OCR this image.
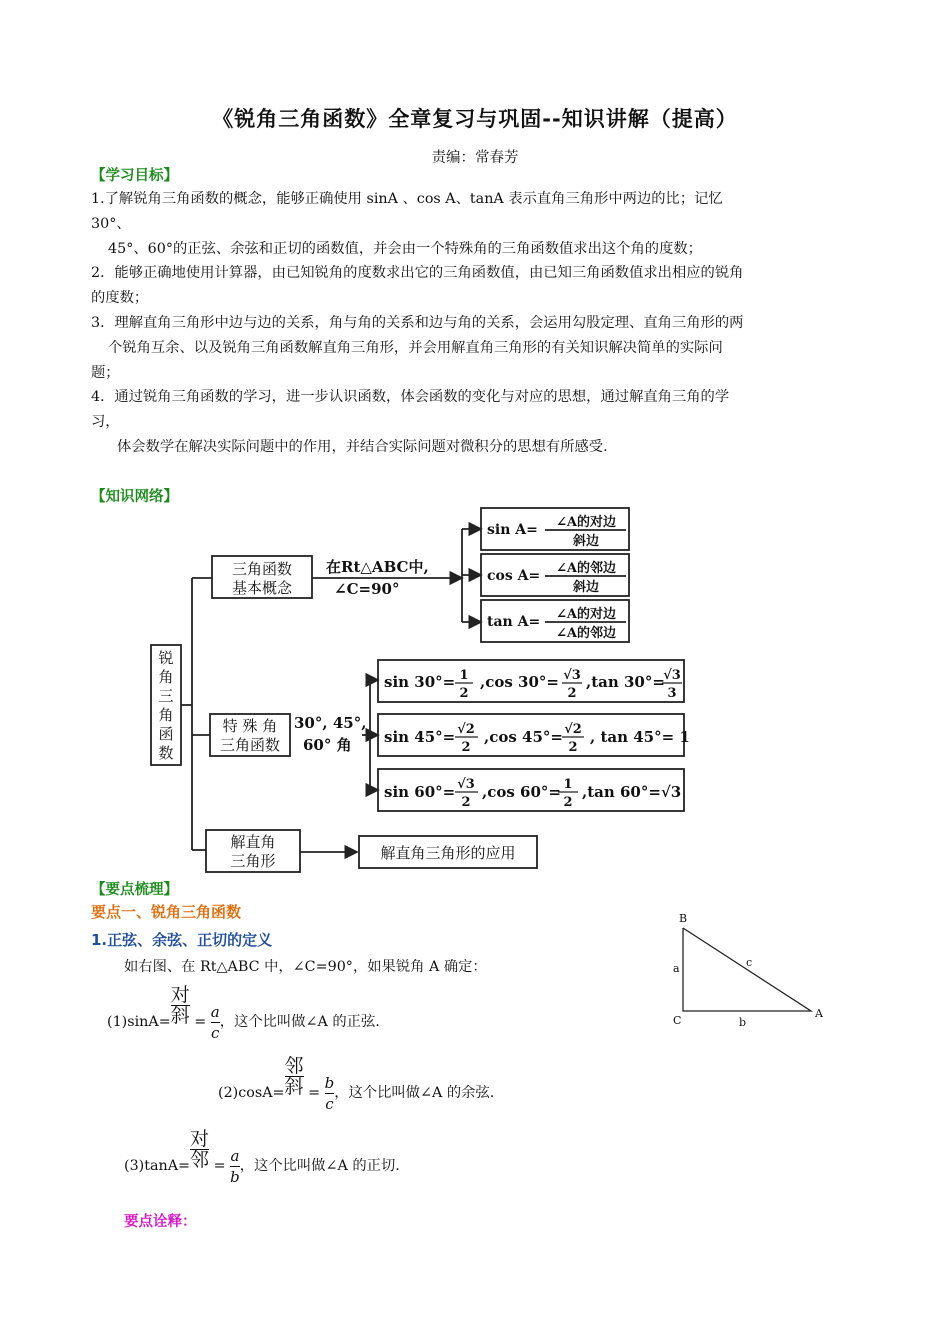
《锐角三角函数》全章复习与巩固--知识讲解（提高）
责编：常春芳
【学习目标】
1.了解锐角三角函数的概念，能够正确使用 sinA 、cos A、tanA 表示直角三角形中两边的比；记忆
30°、
45°、60°的正弦、余弦和正切的函数值，并会由一个特殊角的三角函数值求出这个角的度数；
2．能够正确地使用计算器，由已知锐角的度数求出它的三角函数值，由已知三角函数值求出相应的锐角
的度数；
3．理解直角三角形中边与边的关系，角与角的关系和边与角的关系，会运用勾股定理、直角三角形的两
个锐角互余、以及锐角三角函数解直角三角形，并会用解直角三角形的有关知识解决简单的实际问
题；
4．通过锐角三角函数的学习，进一步认识函数，体会函数的变化与对应的思想，通过解直角三角的学
习，
体会数学在解决实际问题中的作用，并结合实际问题对微积分的思想有所感受.
【知识网络】
锐
角
三
角
函
数
三角函数
基本概念
特 殊 角
三角函数
解直角
三角形	解直角三角形的应用
在Rt△ABC中,
∠C=90°
30°, 45°,
60° 角
sin A=
cos A=
tan A=
∠A的对边
斜边
∠A的邻边
斜边
∠A的对边
∠A的邻边
sin 30°= ,cos 30°= ,tan 30°=
sin 45°= ,cos 45°= , tan 45°= 1
sin 60°= ,cos 60°= ,tan 60°=√3
1
2
√3
2
√3
3
√2
2
√2
2
√3
2
1
2
B
C
A
a
b
c
【要点梳理】
要点一、锐角三角函数
1.正弦、余弦、正切的定义
如右图、在 Rt△ABC 中，∠C=90°，如果锐角 A 确定：
$(1)\sin A= \frac{\text{对}}{\text{斜}} = \frac{a}{c}$ ，这个比叫做∠A 的正弦.
$(2)\cos A= \frac{\text{邻}}{\text{斜}} = \frac{b}{c}$ ，这个比叫做∠A 的余弦.
$(3)\tan A= \frac{\text{对}}{\text{邻}} = \frac{a}{b}$ ，这个比叫做∠A 的正切.
要点诠释：
